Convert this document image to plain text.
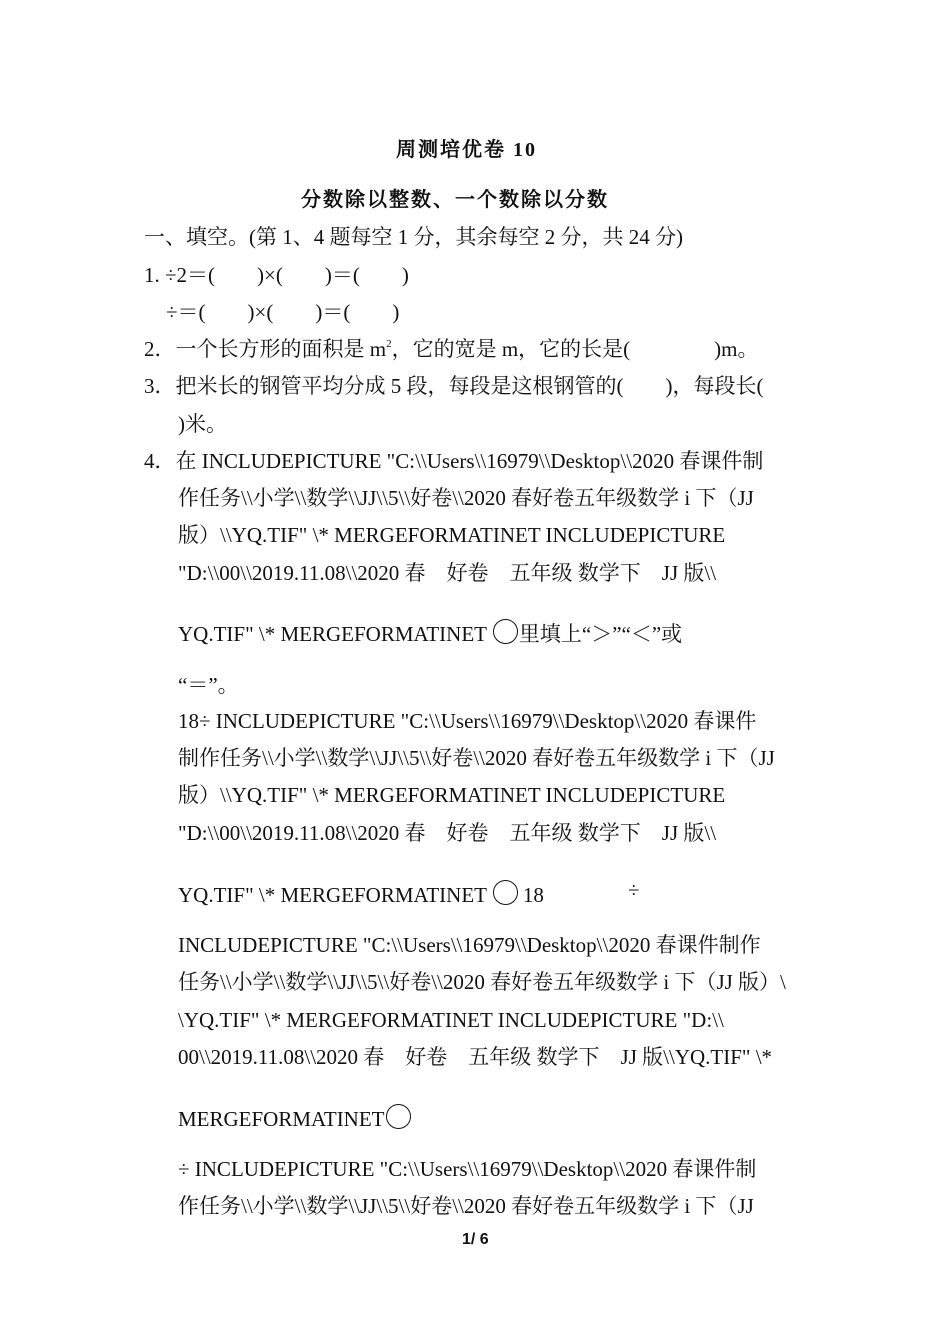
周测培优卷 10
分数除以整数、一个数除以分数
一、填空。(第 1、4 题每空 1 分，其余每空 2 分，共 24 分)
1. ÷2＝(　　)×(　　)＝(　　)
÷＝(　　)×(　　)＝(　　)
2．一个长方形的面积是 $m^2$，它的宽是 m，它的长是(　　　　)m。
3．把米长的钢管平均分成 5 段，每段是这根钢管的(　　)，每段长(
)米。
4．在 INCLUDEPICTURE "C:\\Users\\16979\\Desktop\\2020 春课件制
作任务\\小学\\数学\\JJ\\5\\好卷\\2020 春好卷五年级数学 i 下（JJ
版）\\YQ.TIF" \* MERGEFORMATINET INCLUDEPICTURE
"D:\\00\\2019.11.08\\2020 春　好卷　五年级 数学下　JJ 版\\
YQ.TIF" \* MERGEFORMATINET 里填上“＞”“＜”或
“＝”。
18÷ INCLUDEPICTURE "C:\\Users\\16979\\Desktop\\2020 春课件
制作任务\\小学\\数学\\JJ\\5\\好卷\\2020 春好卷五年级数学 i 下（JJ
版）\\YQ.TIF" \* MERGEFORMATINET INCLUDEPICTURE
"D:\\00\\2019.11.08\\2020 春　好卷　五年级 数学下　JJ 版\\
YQ.TIF" \* MERGEFORMATINET 18	÷
INCLUDEPICTURE "C:\\Users\\16979\\Desktop\\2020 春课件制作
任务\\小学\\数学\\JJ\\5\\好卷\\2020 春好卷五年级数学 i 下（JJ 版）\
\YQ.TIF" \* MERGEFORMATINET INCLUDEPICTURE "D:\\
00\\2019.11.08\\2020 春　好卷　五年级 数学下　JJ 版\\YQ.TIF" \*
MERGEFORMATINET
÷ INCLUDEPICTURE "C:\\Users\\16979\\Desktop\\2020 春课件制
作任务\\小学\\数学\\JJ\\5\\好卷\\2020 春好卷五年级数学 i 下（JJ
1/ 6
